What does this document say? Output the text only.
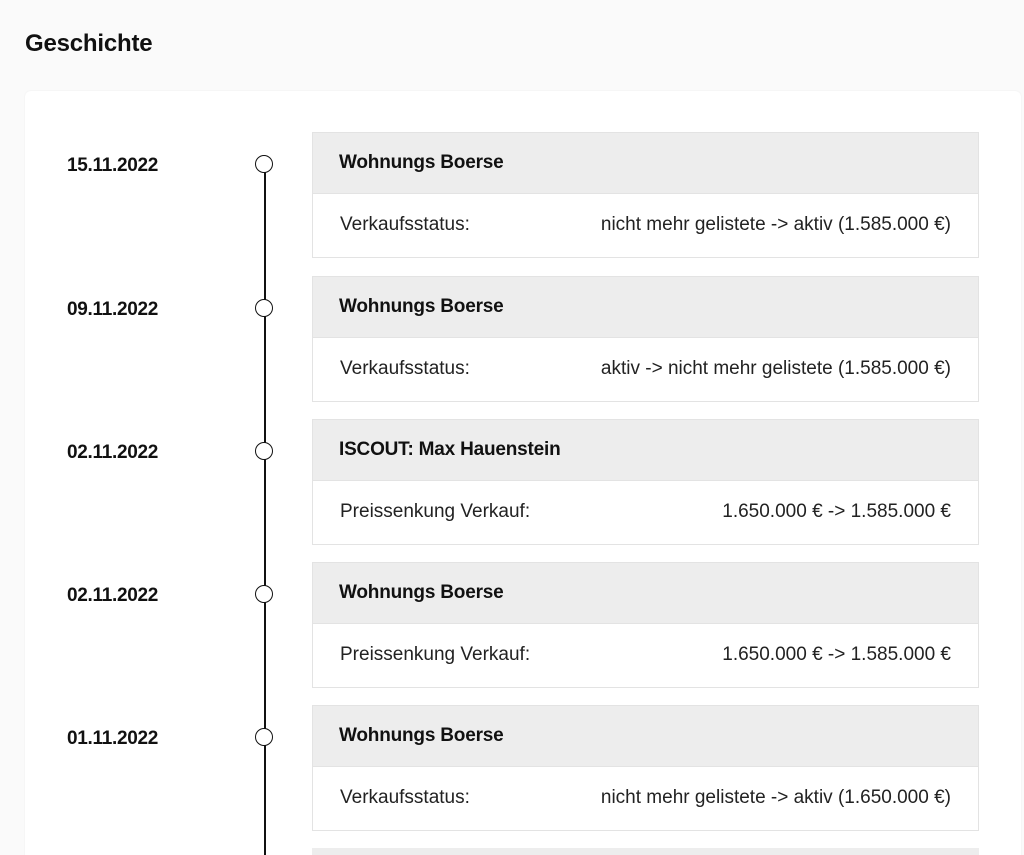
Geschichte
15.11.2022	Wohnungs Boerse
Verkaufsstatus:	nicht mehr gelistete -> aktiv (1.585.000 €)
09.11.2022	Wohnungs Boerse
Verkaufsstatus:	aktiv -> nicht mehr gelistete (1.585.000 €)
02.11.2022	ISCOUT: Max Hauenstein
Preissenkung Verkauf:	1.650.000 € -> 1.585.000 €
02.11.2022	Wohnungs Boerse
Preissenkung Verkauf:	1.650.000 € -> 1.585.000 €
01.11.2022	Wohnungs Boerse
Verkaufsstatus:	nicht mehr gelistete -> aktiv (1.650.000 €)
